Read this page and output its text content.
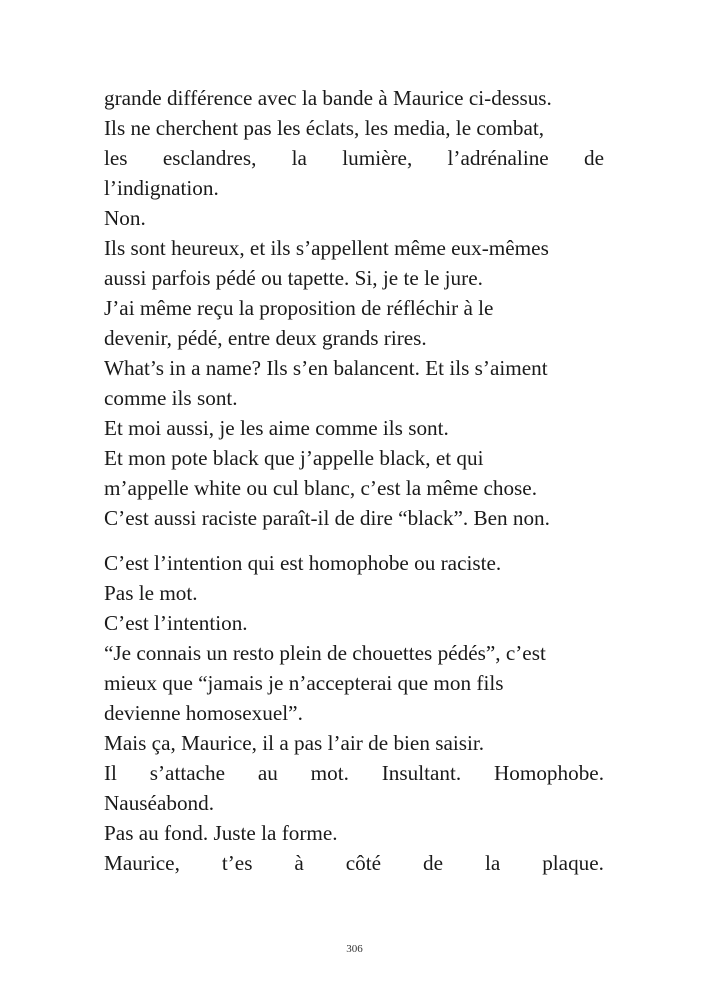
grande différence avec la bande à Maurice ci-dessus.
Ils ne cherchent pas les éclats, les media, le combat,
les esclandres, la lumière, l’adrénaline de
l’indignation.
Non.
Ils sont heureux, et ils s’appellent même eux-mêmes
aussi parfois pédé ou tapette. Si, je te le jure.
J’ai même reçu la proposition de réfléchir à le
devenir, pédé, entre deux grands rires.
What’s in a name? Ils s’en balancent. Et ils s’aiment
comme ils sont.
Et moi aussi, je les aime comme ils sont.
Et mon pote black que j’appelle black, et qui
m’appelle white ou cul blanc, c’est la même chose.
C’est aussi raciste paraît-il de dire “black”. Ben non.
C’est l’intention qui est homophobe ou raciste.
Pas le mot.
C’est l’intention.
“Je connais un resto plein de chouettes pédés”, c’est
mieux que “jamais je n’accepterai que mon fils
devienne homosexuel”.
Mais ça, Maurice, il a pas l’air de bien saisir.
Il s’attache au mot. Insultant. Homophobe.
Nauséabond.
Pas au fond. Juste la forme.
Maurice, t’es à côté de la plaque.
306
